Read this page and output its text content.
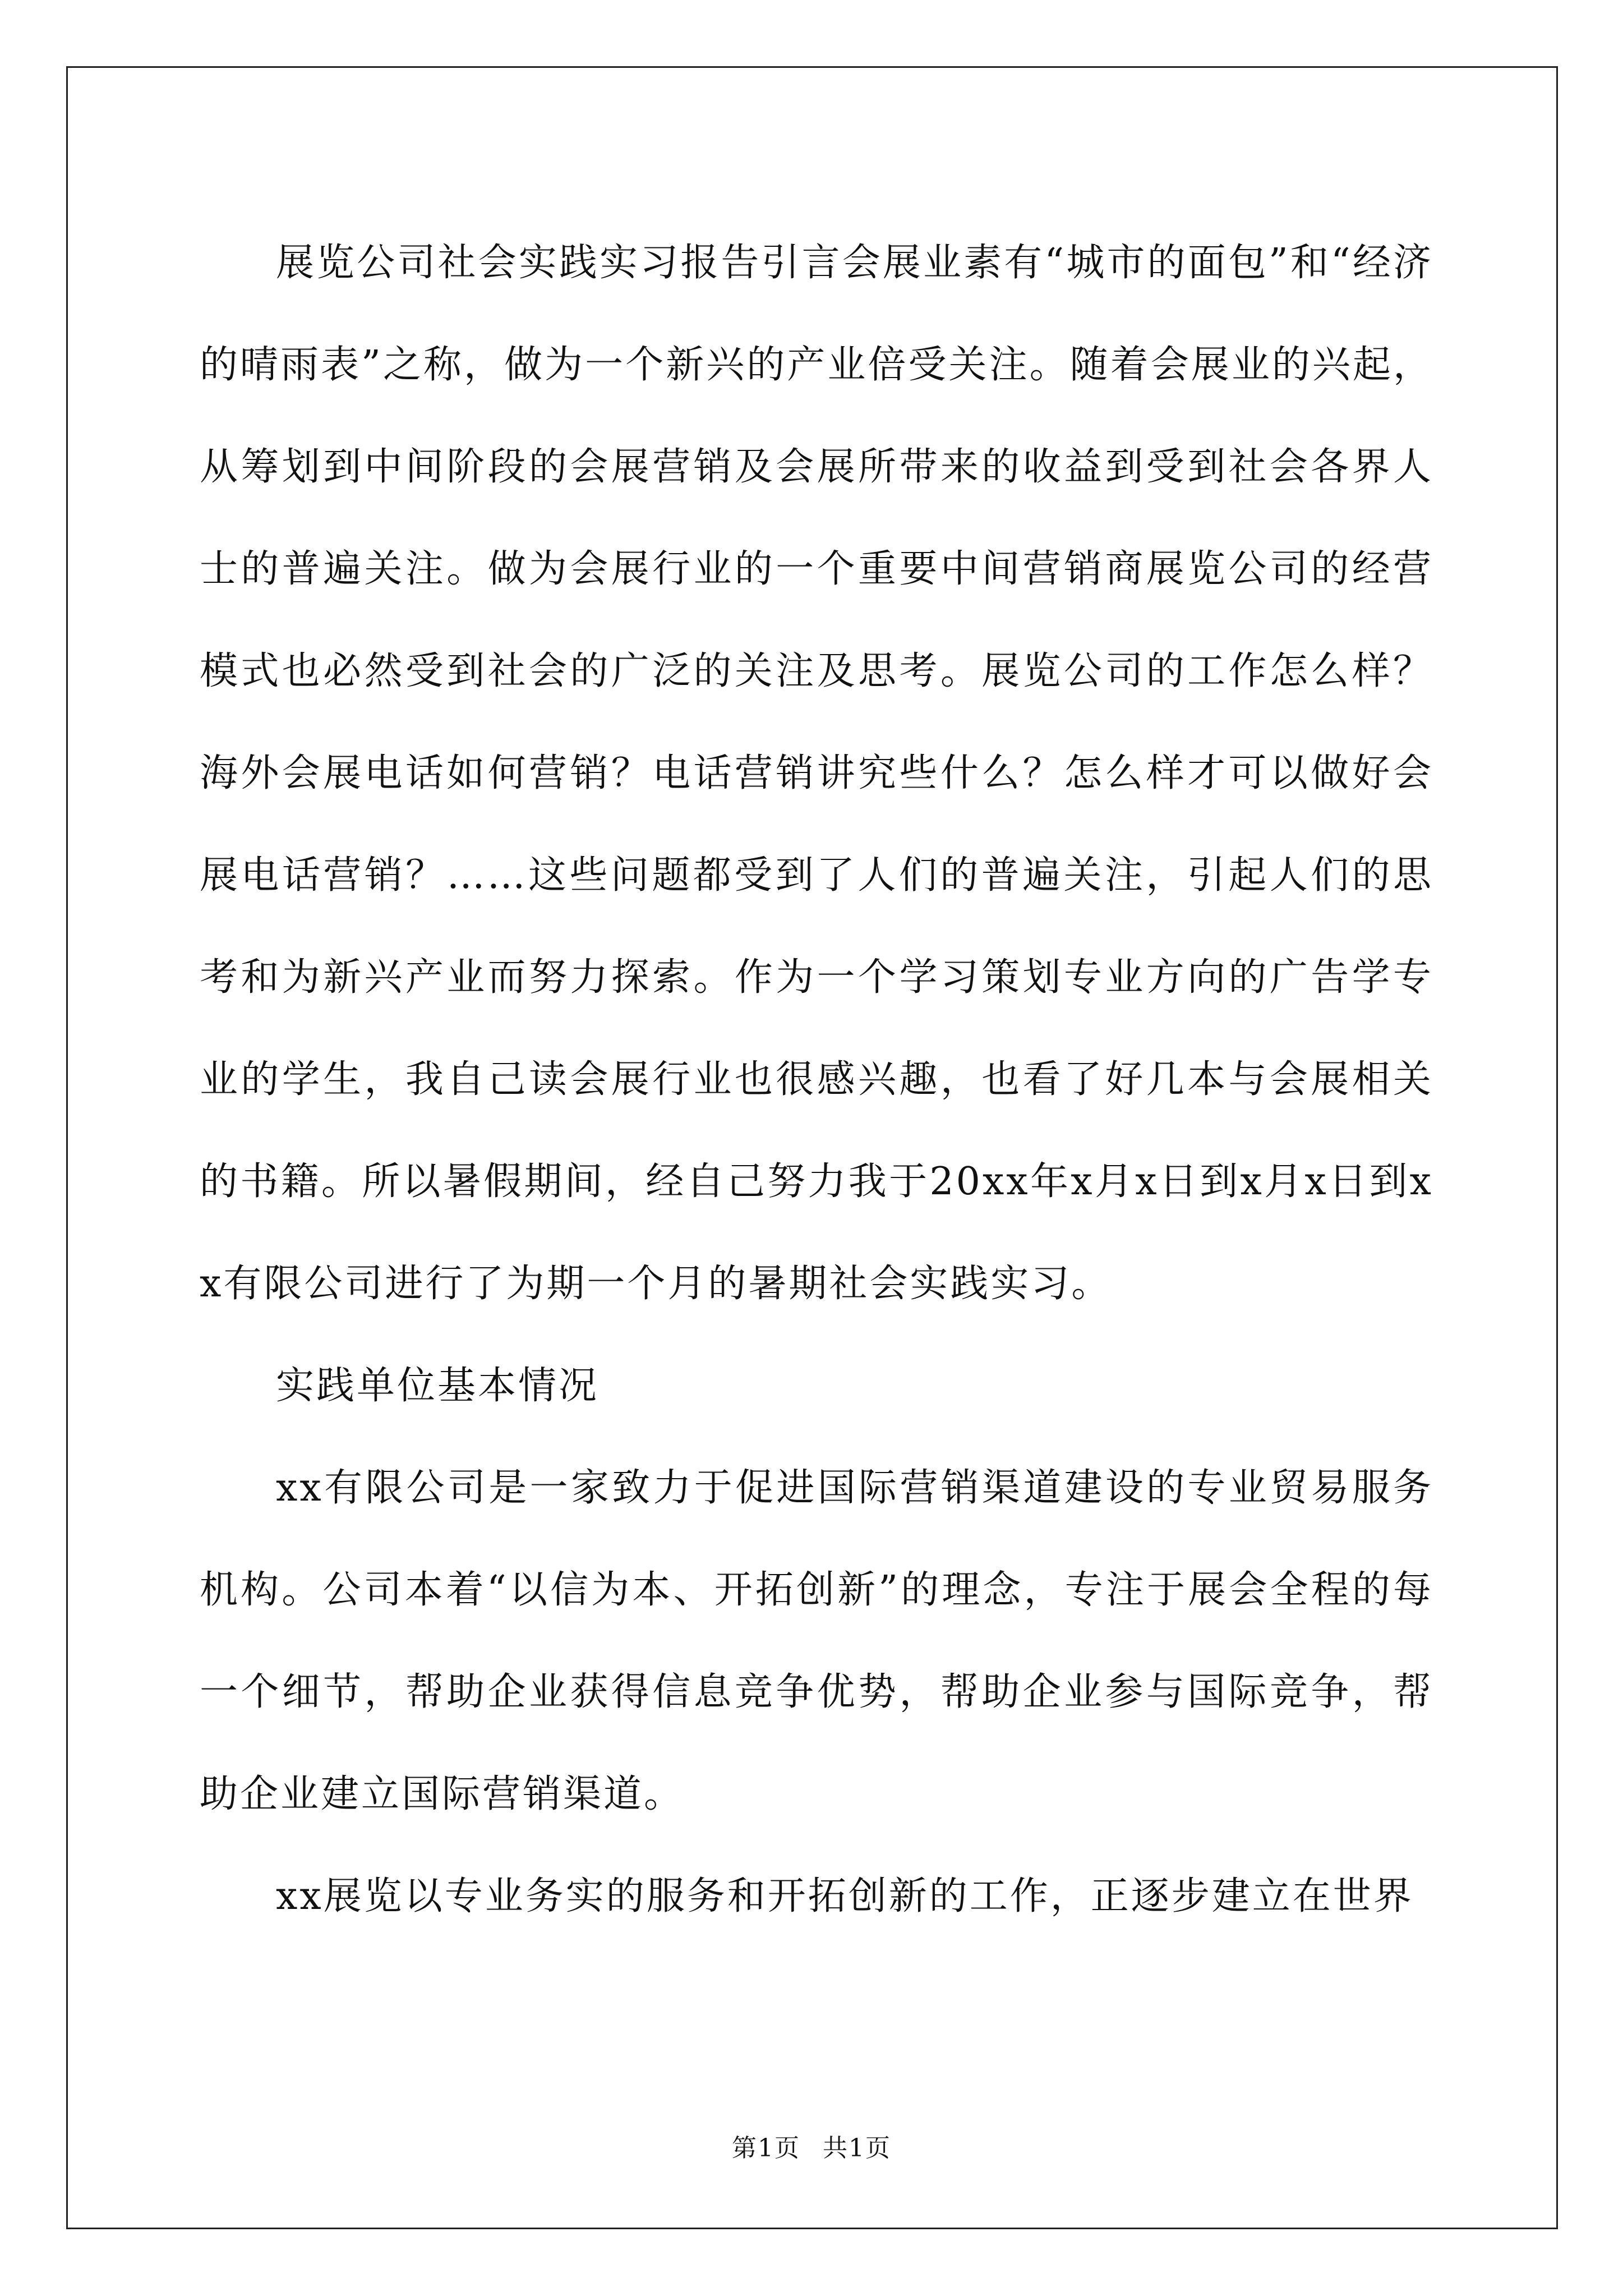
展览公司社会实践实习报告引言会展业素有“城市的面包”和“经济的晴雨表”之称，做为一个新兴的产业倍受关注。随着会展业的兴起，从筹划到中间阶段的会展营销及会展所带来的收益到受到社会各界人士的普遍关注。做为会展行业的一个重要中间营销商展览公司的经营模式也必然受到社会的广泛的关注及思考。展览公司的工作怎么样？海外会展电话如何营销？电话营销讲究些什么？怎么样才可以做好会展电话营销？……这些问题都受到了人们的普遍关注，引起人们的思考和为新兴产业而努力探索。作为一个学习策划专业方向的广告学专业的学生，我自己读会展行业也很感兴趣，也看了好几本与会展相关的书籍。所以暑假期间，经自己努力我于20xx年x月x日到x月x日到xx有限公司进行了为期一个月的暑期社会实践实习。

实践单位基本情况

xx有限公司是一家致力于促进国际营销渠道建设的专业贸易服务机构。公司本着“以信为本、开拓创新”的理念，专注于展会全程的每一个细节，帮助企业获得信息竞争优势，帮助企业参与国际竞争，帮助企业建立国际营销渠道。

xx展览以专业务实的服务和开拓创新的工作，正逐步建立在世界

第1页 共1页
